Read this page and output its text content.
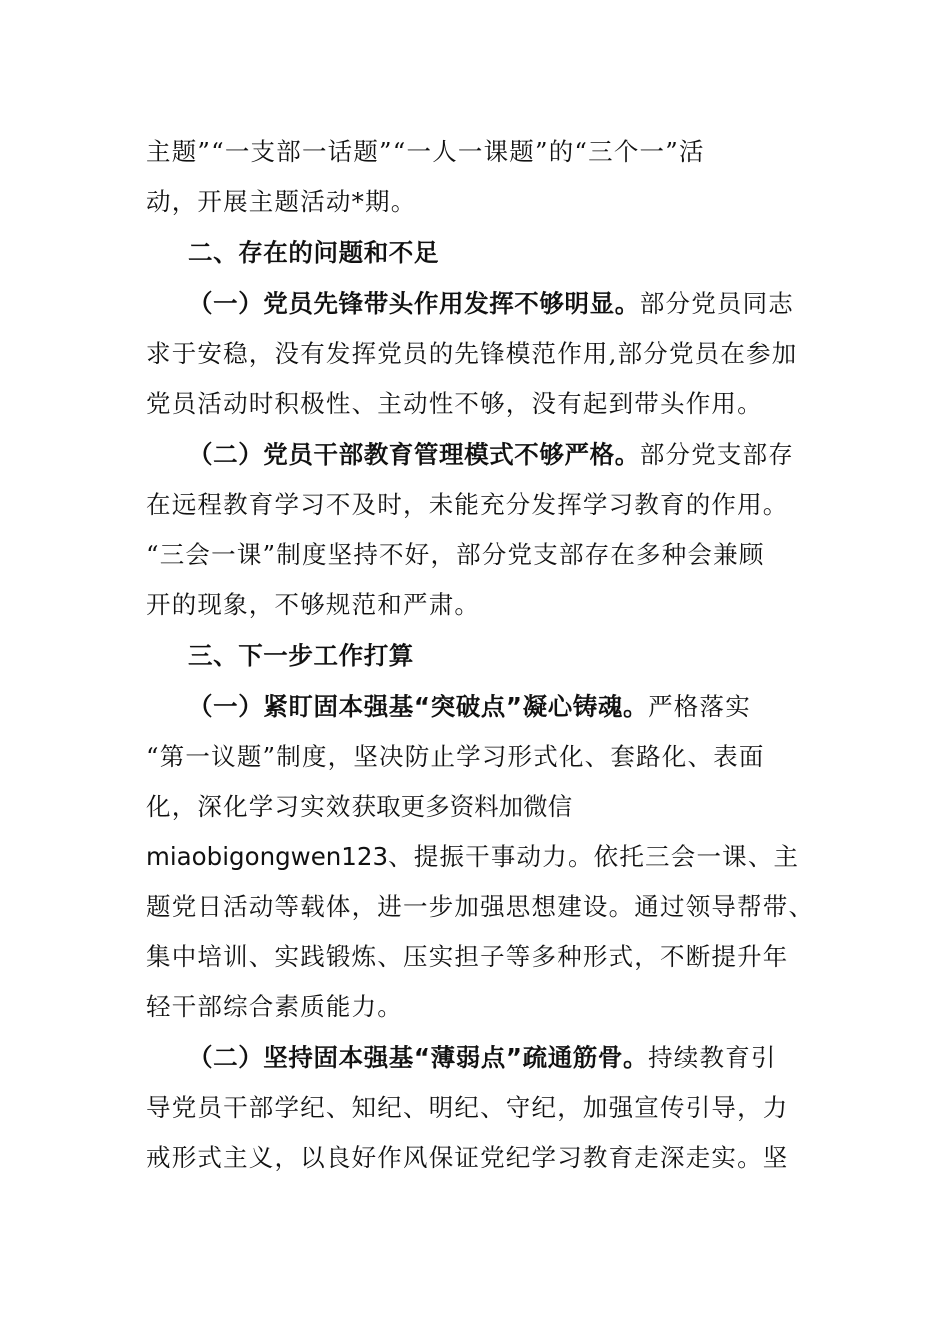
主题”“一支部一话题”“一人一课题”的“三个一”活
动，开展主题活动*期。
二、存在的问题和不足
（一）党员先锋带头作用发挥不够明显。部分党员同志
求于安稳，没有发挥党员的先锋模范作用,部分党员在参加
党员活动时积极性、主动性不够，没有起到带头作用。
（二）党员干部教育管理模式不够严格。部分党支部存
在远程教育学习不及时，未能充分发挥学习教育的作用。
“三会一课”制度坚持不好，部分党支部存在多种会兼顾
开的现象，不够规范和严肃。
三、下一步工作打算
（一）紧盯固本强基“突破点”凝心铸魂。严格落实
“第一议题”制度，坚决防止学习形式化、套路化、表面
化，深化学习实效获取更多资料加微信
miaobigongwen123、提振干事动力。依托三会一课、主
题党日活动等载体，进一步加强思想建设。通过领导帮带、
集中培训、实践锻炼、压实担子等多种形式，不断提升年
轻干部综合素质能力。
（二）坚持固本强基“薄弱点”疏通筋骨。持续教育引
导党员干部学纪、知纪、明纪、守纪，加强宣传引导，力
戒形式主义，以良好作风保证党纪学习教育走深走实。坚
